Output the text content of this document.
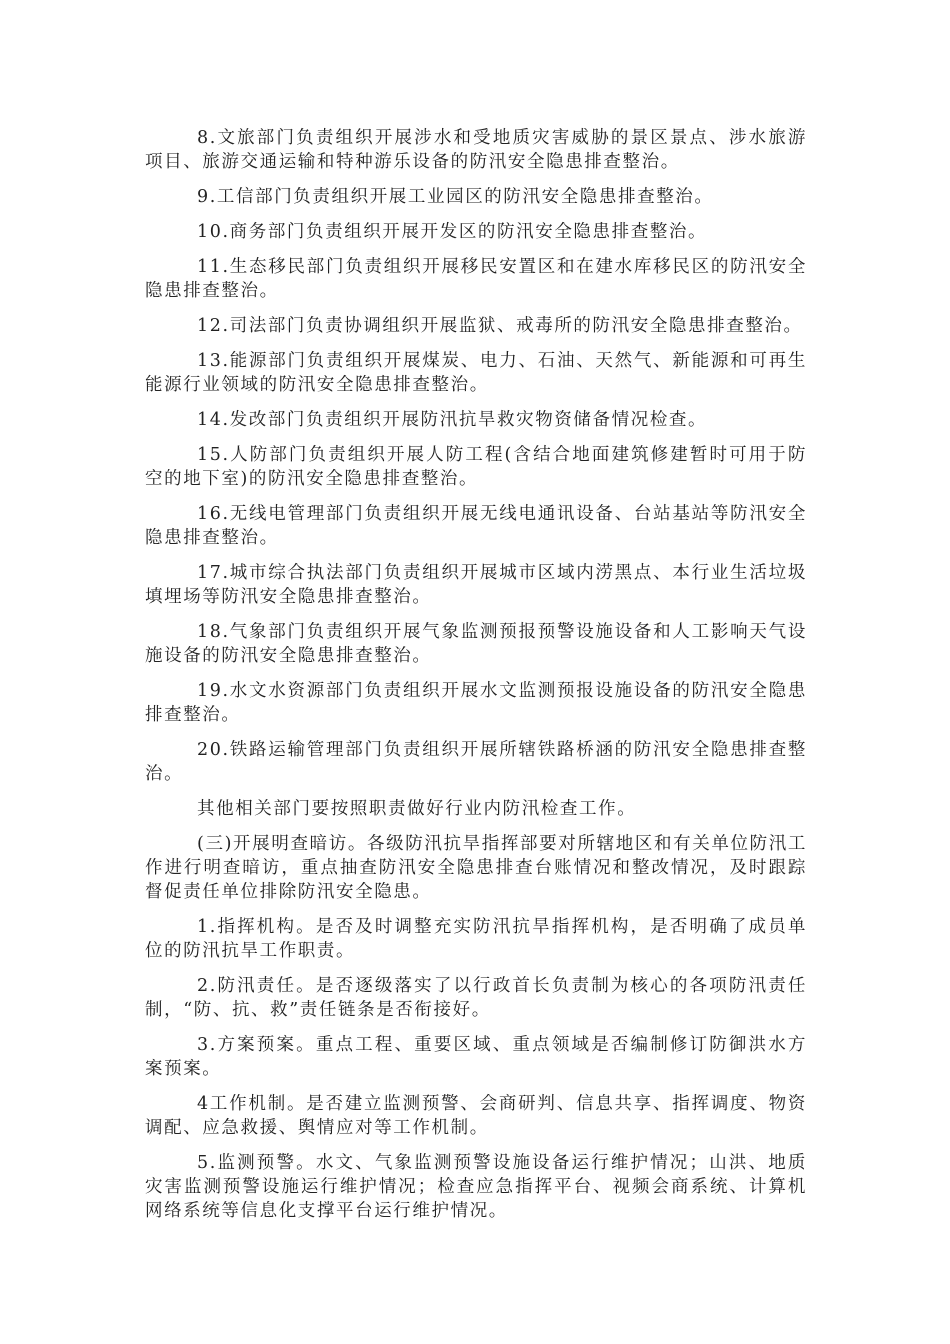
8.文旅部门负责组织开展涉水和受地质灾害威胁的景区景点、涉水旅游项目、旅游交通运输和特种游乐设备的防汛安全隐患排查整治。

9.工信部门负责组织开展工业园区的防汛安全隐患排查整治。

10.商务部门负责组织开展开发区的防汛安全隐患排查整治。

11.生态移民部门负责组织开展移民安置区和在建水库移民区的防汛安全隐患排查整治。

12.司法部门负责协调组织开展监狱、戒毒所的防汛安全隐患排查整治。

13.能源部门负责组织开展煤炭、电力、石油、天然气、新能源和可再生能源行业领域的防汛安全隐患排查整治。

14.发改部门负责组织开展防汛抗旱救灾物资储备情况检查。

15.人防部门负责组织开展人防工程(含结合地面建筑修建暂时可用于防空的地下室)的防汛安全隐患排查整治。

16.无线电管理部门负责组织开展无线电通讯设备、台站基站等防汛安全隐患排查整治。

17.城市综合执法部门负责组织开展城市区域内涝黑点、本行业生活垃圾填埋场等防汛安全隐患排查整治。

18.气象部门负责组织开展气象监测预报预警设施设备和人工影响天气设施设备的防汛安全隐患排查整治。

19.水文水资源部门负责组织开展水文监测预报设施设备的防汛安全隐患排查整治。

20.铁路运输管理部门负责组织开展所辖铁路桥涵的防汛安全隐患排查整治。

其他相关部门要按照职责做好行业内防汛检查工作。

(三)开展明查暗访。各级防汛抗旱指挥部要对所辖地区和有关单位防汛工作进行明查暗访，重点抽查防汛安全隐患排查台账情况和整改情况，及时跟踪督促责任单位排除防汛安全隐患。

1.指挥机构。是否及时调整充实防汛抗旱指挥机构，是否明确了成员单位的防汛抗旱工作职责。

2.防汛责任。是否逐级落实了以行政首长负责制为核心的各项防汛责任制，“防、抗、救”责任链条是否衔接好。

3.方案预案。重点工程、重要区域、重点领域是否编制修订防御洪水方案预案。

4工作机制。是否建立监测预警、会商研判、信息共享、指挥调度、物资调配、应急救援、舆情应对等工作机制。

5.监测预警。水文、气象监测预警设施设备运行维护情况；山洪、地质灾害监测预警设施运行维护情况；检查应急指挥平台、视频会商系统、计算机网络系统等信息化支撑平台运行维护情况。
